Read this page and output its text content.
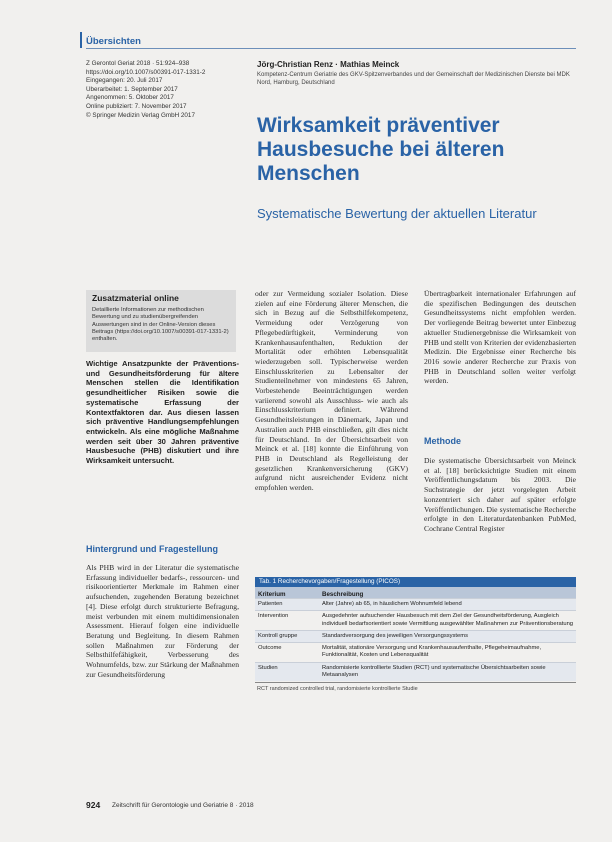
Übersichten
Z Gerontol Geriat 2018 · 51:924–938
https://doi.org/10.1007/s00391-017-1331-2
Eingegangen: 20. Juli 2017
Überarbeitet: 1. September 2017
Angenommen: 5. Oktober 2017
Online publiziert: 7. November 2017
© Springer Medizin Verlag GmbH 2017
Jörg-Christian Renz · Mathias Meinck
Kompetenz-Centrum Geriatrie des GKV-Spitzenverbandes und der Gemeinschaft der Medizinischen Dienste bei MDK Nord, Hamburg, Deutschland
Wirksamkeit präventiver Hausbesuche bei älteren Menschen
Systematische Bewertung der aktuellen Literatur
Zusatzmaterial online
Detaillierte Informationen zur methodischen Bewertung und zu studienübergreifenden Auswertungen sind in der Online-Version dieses Beitrags (https://doi.org/10.1007/s00391-017-1331-2) enthalten.
Wichtige Ansatzpunkte der Präventions- und Gesundheitsförderung für ältere Menschen stellen die Identifikation gesundheitlicher Risiken sowie die systematische Erfassung der Kontextfaktoren dar. Aus diesen lassen sich präventive Handlungsempfehlungen entwickeln. Als eine mögliche Maßnahme werden seit über 30 Jahren präventive Hausbesuche (PHB) diskutiert und ihre Wirksamkeit untersucht.
Hintergrund und Fragestellung
Als PHB wird in der Literatur die systematische Erfassung individueller bedarfs-, ressourcen- und risikoorientierter Merkmale im Rahmen einer aufsuchenden, zugehenden Beratung bezeichnet [4]. Diese erfolgt durch strukturierte Befragung, meist verbunden mit einem multidimensionalen Assessment. Hierauf folgen eine individuelle Beratung und Begleitung. In diesem Rahmen sollen Maßnahmen zur Förderung der Selbsthilfefähigkeit, Verbesserung des Wohnumfelds, bzw. zur Stärkung der Maßnahmen zur Gesundheitsförderung
oder zur Vermeidung sozialer Isolation. Diese zielen auf eine Förderung älterer Menschen, die sich in Bezug auf die Selbsthilfekompetenz, Vermeidung oder Verzögerung von Pflegebedürftigkeit, Verminderung von Krankenhausaufenthalten, Reduktion der Mortalität oder erhöhten Lebensqualität wiederzugeben soll. Typischerweise werden Einschlusskriterien zu Lebensalter der Studienteilnehmer von mindestens 65 Jahren, Vorbestehende Beeinträchtigungen werden variierend sowohl als Ausschluss- wie auch als Einschlusskriterium definiert. Während Gesundheitsleistungen in Dänemark, Japan und Australien auch PHB einschließen, gilt dies nicht für Deutschland. In der Übersichtsarbeit von Meinck et al. [18] konnte die Einführung von PHB in Deutschland als Regelleistung der gesetzlichen Krankenversicherung (GKV) aufgrund nicht ausreichender Evidenz nicht empfohlen werden.
Übertragbarkeit internationaler Erfahrungen auf die spezifischen Bedingungen des deutschen Gesundheitssystems nicht empfohlen werden. Der vorliegende Beitrag bewertet unter Einbezug aktueller Studienergebnisse die Wirksamkeit von PHB und stellt von Kriterien der evidenzbasierten Medizin. Die Ergebnisse einer Recherche bis 2016 sowie anderer Recherche zur Praxis von PHB in Deutschland sollen weiter verfolgt werden.
Methode
Die systematische Übersichtsarbeit von Meinck et al. [18] berücksichtigte Studien mit einem Veröffentlichungsdatum bis 2003. Die Suchstrategie der jetzt vorgelegten Arbeit konzentriert sich daher auf später erfolgte Veröffentlichungen. Die systematische Recherche erfolgte in den Literaturdatenbanken PubMed, Cochrane Central Register
Tab. 1 Recherchevorgaben/Fragestellung (PICOS)
Kriterium	Beschreibung
Patienten	Alter (Jahre) ab 65, in häuslichem Wohnumfeld lebend
Intervention	Ausgedehnter aufsuchender Hausbesuch mit dem Ziel der Gesundheitsförderung, Ausgleich individuell bedarfsorientiert sowie Vermittlung ausgewählter Maßnahmen zur Präventionsberatung
Kontroll gruppe	Standardversorgung des jeweiligen Versorgungssystems
Outcome	Mortalität, stationäre Versorgung und Krankenhausaufenthalte, Pflegeheimaufnahme, Funktionalität, Kosten und Lebensqualität
Studien	Randomisierte kontrollierte Studien (RCT) und systematische Übersichtsarbeiten sowie Metaanalysen
RCT randomized controlled trial, randomisierte kontrollierte Studie
924 Zeitschrift für Gerontologie und Geriatrie 8 · 2018
